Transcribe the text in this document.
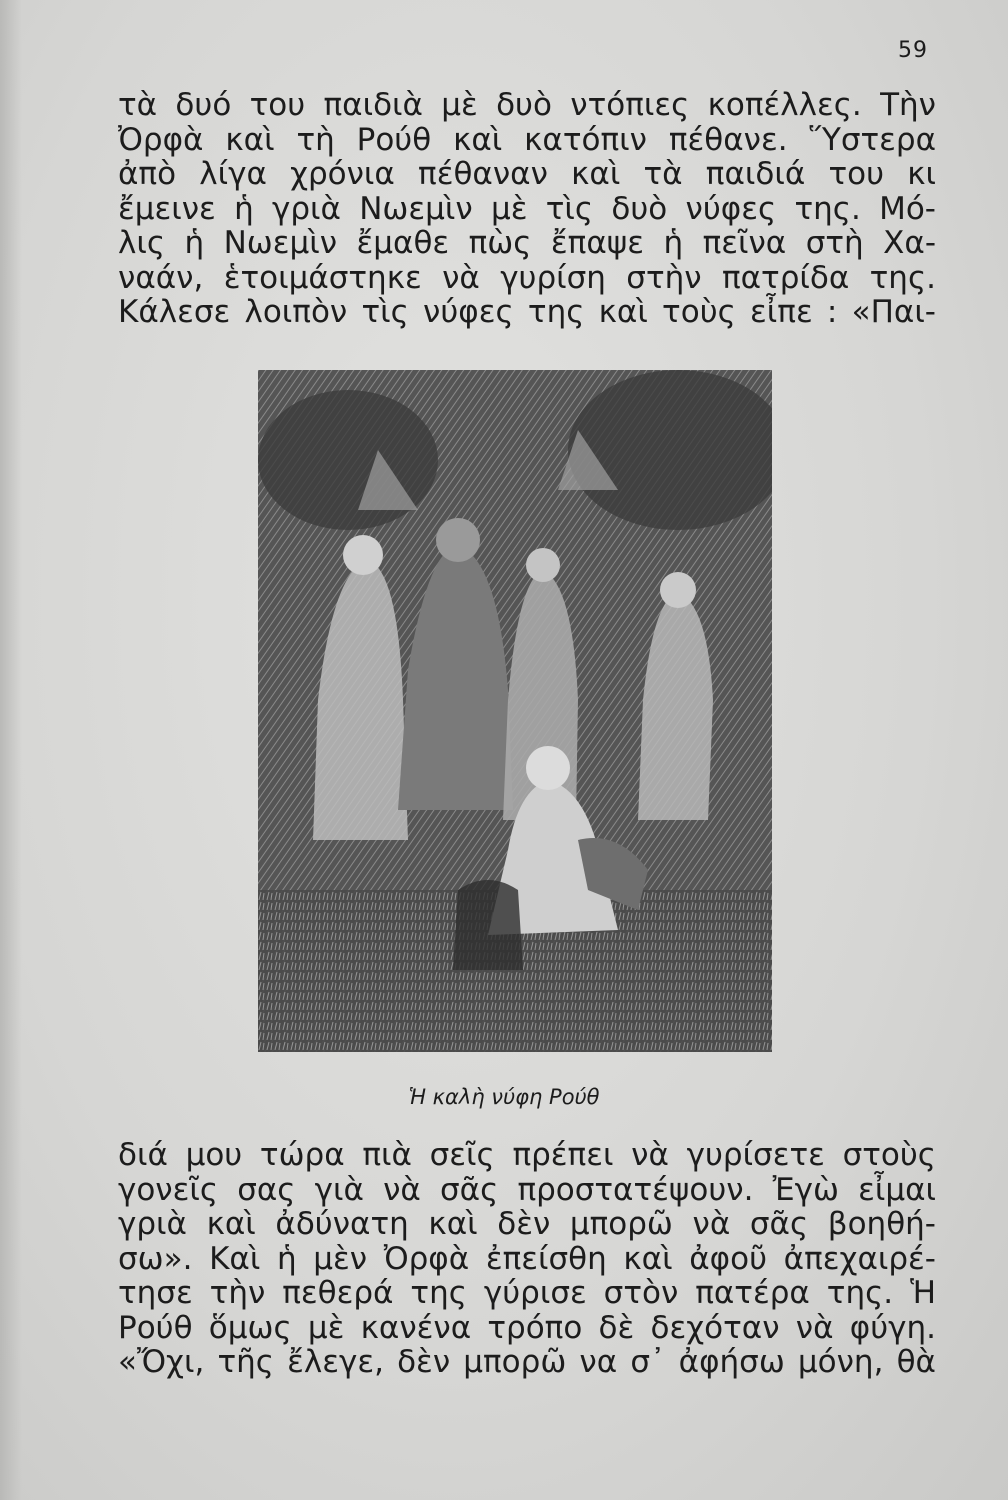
59
τὰ δυό του παιδιὰ μὲ δυὸ ντόπιες κοπέλλες. Τὴν
Ὀρφὰ καὶ τὴ Ρούθ καὶ κατόπιν πέθανε. Ὕστερα
ἀπὸ λίγα χρόνια πέθαναν καὶ τὰ παιδιά του κι
ἔμεινε ἡ γριὰ Νωεμὶν μὲ τὶς δυὸ νύφες της. Μό-
λις ἡ Νωεμὶν ἔμαθε πὼς ἔπαψε ἡ πεῖνα στὴ Χα-
ναάν, ἑτοιμάστηκε νὰ γυρίση στὴν πατρίδα της.
Κάλεσε λοιπὸν τὶς νύφες της καὶ τοὺς εἶπε : «Παι-
Ἡ καλὴ νύφη Ρούθ
διά μου τώρα πιὰ σεῖς πρέπει νὰ γυρίσετε στοὺς
γονεῖς σας γιὰ νὰ σᾶς προστατέψουν. Ἐγὼ εἶμαι
γριὰ καὶ ἀδύνατη καὶ δὲν μπορῶ νὰ σᾶς βοηθή-
σω». Καὶ ἡ μὲν Ὀρφὰ ἐπείσθη καὶ ἀφοῦ ἀπεχαιρέ-
τησε τὴν πεθερά της γύρισε στὸν πατέρα της. Ἡ
Ρούθ ὅμως μὲ κανένα τρόπο δὲ δεχόταν νὰ φύγη.
«Ὄχι, τῆς ἔλεγε, δὲν μπορῶ να σ᾽ ἀφήσω μόνη, θὰ
